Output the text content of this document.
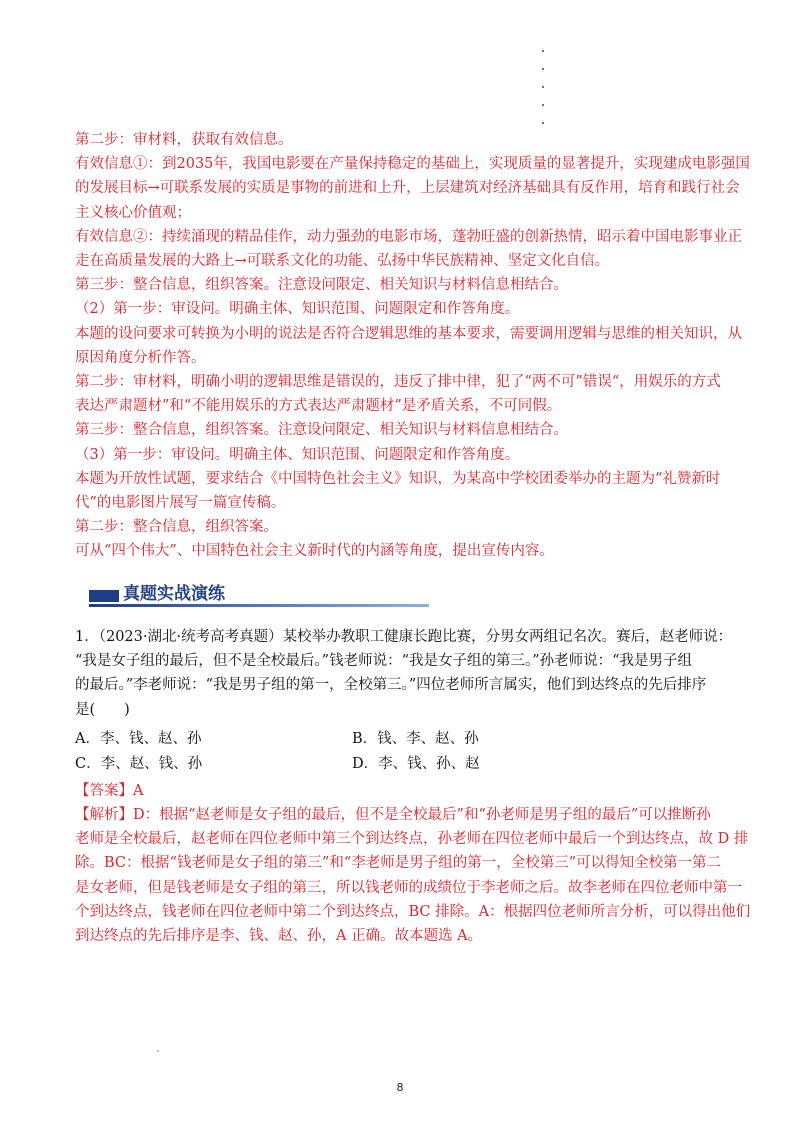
第二步：审材料，获取有效信息。
有效信息①：到2035年，我国电影要在产量保持稳定的基础上，实现质量的显著提升，实现建成电影强国
的发展目标→可联系发展的实质是事物的前进和上升，上层建筑对经济基础具有反作用，培育和践行社会
主义核心价值观；
有效信息②：持续涌现的精品佳作，动力强劲的电影市场，蓬勃旺盛的创新热情，昭示着中国电影事业正
走在高质量发展的大路上→可联系文化的功能、弘扬中华民族精神、坚定文化自信。
第三步：整合信息，组织答案。注意设问限定、相关知识与材料信息相结合。
（2）第一步：审设问。明确主体、知识范围、问题限定和作答角度。
本题的设问要求可转换为小明的说法是否符合逻辑思维的基本要求，需要调用逻辑与思维的相关知识，从
原因角度分析作答。
第二步：审材料，明确小明的逻辑思维是错误的，违反了排中律，犯了“两不可”错误“，用娱乐的方式
表达严肃题材”和“不能用娱乐的方式表达严肃题材”是矛盾关系，不可同假。
第三步：整合信息，组织答案。注意设问限定、相关知识与材料信息相结合。
（3）第一步：审设问。明确主体、知识范围、问题限定和作答角度。
本题为开放性试题，要求结合《中国特色社会主义》知识，为某高中学校团委举办的主题为“礼赞新时
代”的电影图片展写一篇宣传稿。
第二步：整合信息，组织答案。
可从“四个伟大”、中国特色社会主义新时代的内涵等角度，提出宣传内容。
真题实战演练
1．（2023·湖北·统考高考真题）某校举办教职工健康长跑比赛，分男女两组记名次。赛后，赵老师说：
“我是女子组的最后，但不是全校最后。”钱老师说：“我是女子组的第三。”孙老师说：“我是男子组
的最后。”李老师说：“我是男子组的第一，全校第三。”四位老师所言属实，他们到达终点的先后排序
是(　　)
A．李、钱、赵、孙	B．钱、李、赵、孙
C．李、赵、钱、孙	D．李、钱、孙、赵
【答案】A
【解析】D：根据“赵老师是女子组的最后，但不是全校最后”和“孙老师是男子组的最后”可以推断孙
老师是全校最后，赵老师在四位老师中第三个到达终点，孙老师在四位老师中最后一个到达终点，故 D 排
除。BC：根据“钱老师是女子组的第三”和“李老师是男子组的第一，全校第三”可以得知全校第一第二
是女老师，但是钱老师是女子组的第三，所以钱老师的成绩位于李老师之后。故李老师在四位老师中第一
个到达终点，钱老师在四位老师中第二个到达终点，BC 排除。A：根据四位老师所言分析，可以得出他们
到达终点的先后排序是李、钱、赵、孙，A 正确。故本题选 A。
8
